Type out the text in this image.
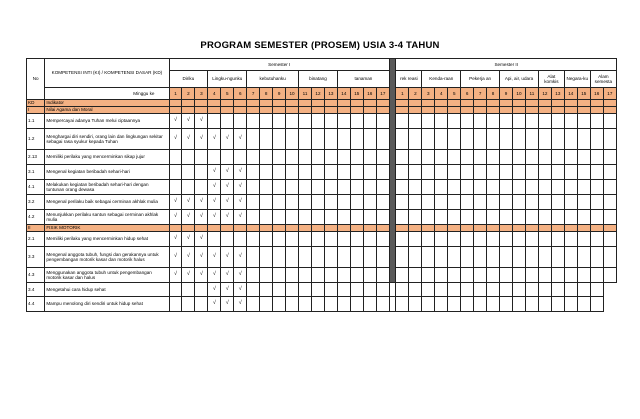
PROGRAM SEMESTER (PROSEM) USIA 3-4 TAHUN
No	KOMPETENSI INTI (KI) / KOMPETENSI DASAR (KD)	Semester I																		Semester II																
		Diriku			Lingku-ngunku			kebutuhanku				binatang			tanaman					rek reasi		Kenda-raan			Pekerja an			Api, air, udara			Alat komkis		Negara-ku		Alam semesta	
	Minggu ke	1	2	3	4	5	6	7	8	9	10	11	12	13	14	15	16	17		1	2	3	4	5	6	7	8	9	10	11	12	13	14	15	16	17
KD	Indikator																																			
I	Nilai Agama dan Moral																																			
1.1	Mempercayai adanya Tuhan melui ciptaannya	√	√	√																																
1.2	Menghargai diri sendiri, orang lain dan lingkungan sekitar sebagai rasa syukur kepada Tuhan	√	√	√	√	√	√																													
2.13	Memiliki perilaku yang mencerminkan sikap jujur																																			
3.1	Mengenal kegiatan beribadah sehari-hari				√	√	√																													
4.1	Melakukan kegiatan beribadah sehari-hari dengan tuntunan orang dewasa				√	√	√																													
3.2	Mengenal perilaku baik sebagai cerminan akhlak mulia	√	√	√	√	√	√																													
4.2	Menunjukkan perilaku santun sebagai cerminan akhlak mulia	√	√	√	√	√	√																													
II	FISIK MOTORIK																																			
2.1	Memiliki perilaku yang mencerminkan hidup sehat	√	√	√																																
3.3	Mengenal anggota tubuh, fungsi dan gerakannya untuk pengembangan motorik kasar dan motorik halus	√	√	√	√	√	√																													
4.3	Menggunakan anggota tubuh untuk pengembangan motorik kasar dan halus	√	√	√	√	√	√																													
3.4	Mengetahui cara hidup sehat				√	√	√																													
4.4	Mampu menolong diri sendiri untuk hidup sehat				√	√	√																													
